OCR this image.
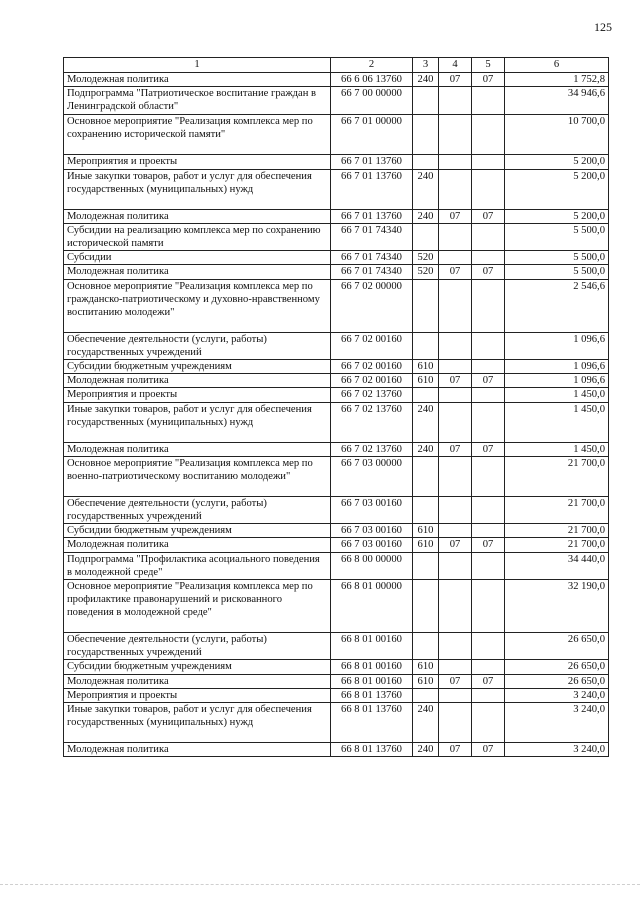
125
1	2	3	4	5	6
Молодежная политика	66 6 06 13760	240	07	07	1 752,8
Подпрограмма "Патриотическое воспитание граждан в Ленинградской области"	66 7 00 00000				34 946,6
Основное мероприятие "Реализация комплекса мер по сохранению исторической памяти"	66 7 01 00000				10 700,0
Мероприятия и проекты	66 7 01 13760				5 200,0
Иные закупки товаров, работ и услуг для обеспечения государственных (муниципальных) нужд	66 7 01 13760	240			5 200,0
Молодежная политика	66 7 01 13760	240	07	07	5 200,0
Субсидии на реализацию комплекса мер по сохранению исторической памяти	66 7 01 74340				5 500,0
Субсидии	66 7 01 74340	520			5 500,0
Молодежная политика	66 7 01 74340	520	07	07	5 500,0
Основное мероприятие "Реализация комплекса мер по гражданско-патриотическому и духовно-нравственному воспитанию молодежи"	66 7 02 00000				2 546,6
Обеспечение деятельности (услуги, работы) государственных учреждений	66 7 02 00160				1 096,6
Субсидии бюджетным учреждениям	66 7 02 00160	610			1 096,6
Молодежная политика	66 7 02 00160	610	07	07	1 096,6
Мероприятия и проекты	66 7 02 13760				1 450,0
Иные закупки товаров, работ и услуг для обеспечения государственных (муниципальных) нужд	66 7 02 13760	240			1 450,0
Молодежная политика	66 7 02 13760	240	07	07	1 450,0
Основное мероприятие "Реализация комплекса мер по военно-патриотическому воспитанию молодежи"	66 7 03 00000				21 700,0
Обеспечение деятельности (услуги, работы) государственных учреждений	66 7 03 00160				21 700,0
Субсидии бюджетным учреждениям	66 7 03 00160	610			21 700,0
Молодежная политика	66 7 03 00160	610	07	07	21 700,0
Подпрограмма "Профилактика асоциального поведения в молодежной среде"	66 8 00 00000				34 440,0
Основное мероприятие "Реализация комплекса мер по профилактике правонарушений и рискованного поведения в молодежной среде"	66 8 01 00000				32 190,0
Обеспечение деятельности (услуги, работы) государственных учреждений	66 8 01 00160				26 650,0
Субсидии бюджетным учреждениям	66 8 01 00160	610			26 650,0
Молодежная политика	66 8 01 00160	610	07	07	26 650,0
Мероприятия и проекты	66 8 01 13760				3 240,0
Иные закупки товаров, работ и услуг для обеспечения государственных (муниципальных) нужд	66 8 01 13760	240			3 240,0
Молодежная политика	66 8 01 13760	240	07	07	3 240,0
